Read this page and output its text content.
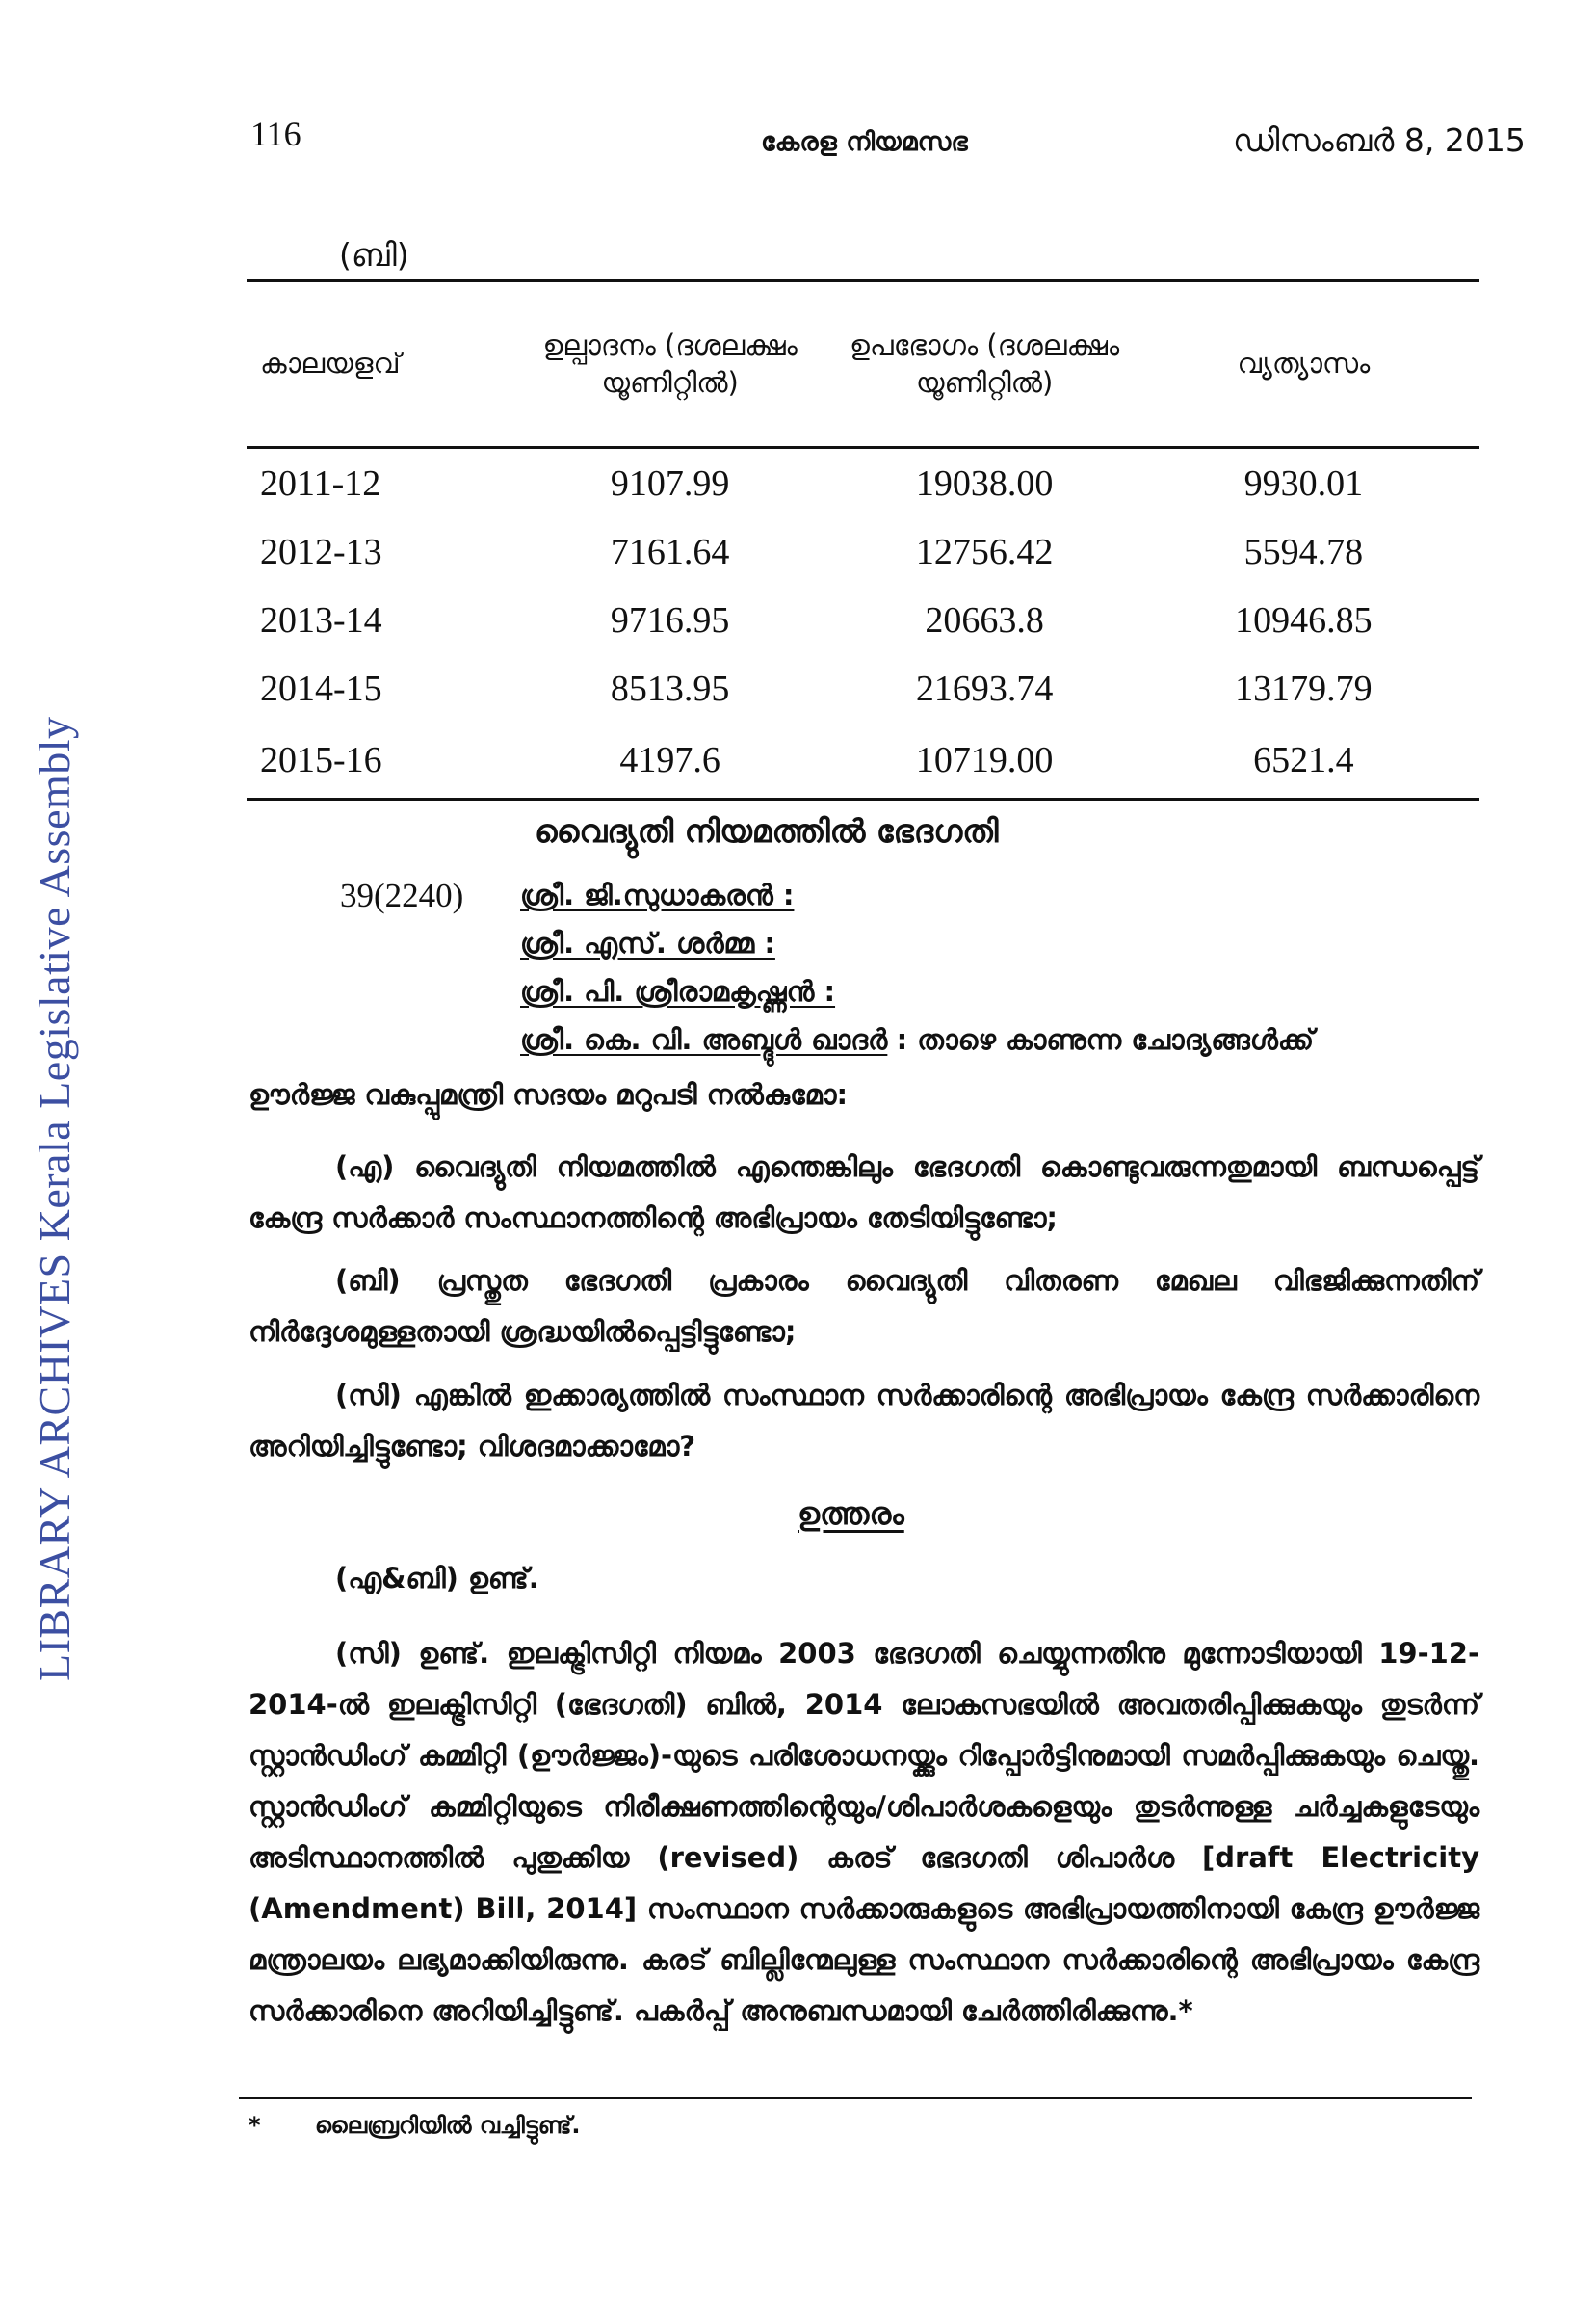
116	കേരള നിയമസഭ	ഡിസംബർ 8, 2015
LIBRARY ARCHIVES Kerala Legislative Assembly
(ബി)
കാലയളവ്	ഉല്പാദനം (ദശലക്ഷം യൂണിറ്റിൽ)	ഉപഭോഗം (ദശലക്ഷം യൂണിറ്റിൽ)	വ്യത്യാസം
2011-12	9107.99	19038.00	9930.01
2012-13	7161.64	12756.42	5594.78
2013-14	9716.95	20663.8	10946.85
2014-15	8513.95	21693.74	13179.79
2015-16	4197.6	10719.00	6521.4
വൈദ്യുതി നിയമത്തിൽ ഭേദഗതി
39(2240) ശ്രീ. ജി.സുധാകരൻ :
ശ്രീ. എസ്. ശർമ്മ :
ശ്രീ. പി. ശ്രീരാമകൃഷ്ണൻ :
ശ്രീ. കെ. വി. അബ്ദുൾ ഖാദർ : താഴെ കാണുന്ന ചോദ്യങ്ങൾക്ക്

ഊർജ്ജ വകുപ്പുമന്ത്രി സദയം മറുപടി നൽകുമോ:

(എ) വൈദ്യുതി നിയമത്തിൽ എന്തെങ്കിലും ഭേദഗതി കൊണ്ടുവരുന്നതുമായി ബന്ധപ്പെട്ട് കേന്ദ്ര സർക്കാർ സംസ്ഥാനത്തിന്റെ അഭിപ്രായം തേടിയിട്ടുണ്ടോ;

(ബി) പ്രസ്തുത ഭേദഗതി പ്രകാരം വൈദ്യുതി വിതരണ മേഖല വിഭജിക്കുന്നതിന് നിർദ്ദേശമുള്ളതായി ശ്രദ്ധയിൽപ്പെട്ടിട്ടുണ്ടോ;

(സി) എങ്കിൽ ഇക്കാര്യത്തിൽ സംസ്ഥാന സർക്കാരിന്റെ അഭിപ്രായം കേന്ദ്ര സർക്കാരിനെ അറിയിച്ചിട്ടുണ്ടോ; വിശദമാക്കാമോ?

ഉത്തരം

(എ&ബി) ഉണ്ട്.

(സി) ഉണ്ട്. ഇലക്ട്രിസിറ്റി നിയമം 2003 ഭേദഗതി ചെയ്യുന്നതിനു മുന്നോടിയായി 19-12-2014-ൽ ഇലക്ട്രിസിറ്റി (ഭേദഗതി) ബിൽ, 2014 ലോകസഭയിൽ അവതരിപ്പിക്കുകയും തുടർന്ന് സ്റ്റാൻഡിംഗ് കമ്മിറ്റി (ഊർജ്ജം)-യുടെ പരിശോധനയ്ക്കും റിപ്പോർട്ടിനുമായി സമർപ്പിക്കുകയും ചെയ്തു. സ്റ്റാൻഡിംഗ് കമ്മിറ്റിയുടെ നിരീക്ഷണത്തിന്റെയും/ശിപാർശകളെയും തുടർന്നുള്ള ചർച്ചകളുടേയും അടിസ്ഥാനത്തിൽ പുതുക്കിയ (revised) കരട് ഭേദഗതി ശിപാർശ [draft Electricity (Amendment) Bill, 2014] സംസ്ഥാന സർക്കാരുകളുടെ അഭിപ്രായത്തിനായി കേന്ദ്ര ഊർജ്ജ മന്ത്രാലയം ലഭ്യമാക്കിയിരുന്നു. കരട് ബില്ലിന്മേലുള്ള സംസ്ഥാന സർക്കാരിന്റെ അഭിപ്രായം കേന്ദ്ര സർക്കാരിനെ അറിയിച്ചിട്ടുണ്ട്. പകർപ്പ് അനുബന്ധമായി ചേർത്തിരിക്കുന്നു.*

* ലൈബ്രറിയിൽ വച്ചിട്ടുണ്ട്.
